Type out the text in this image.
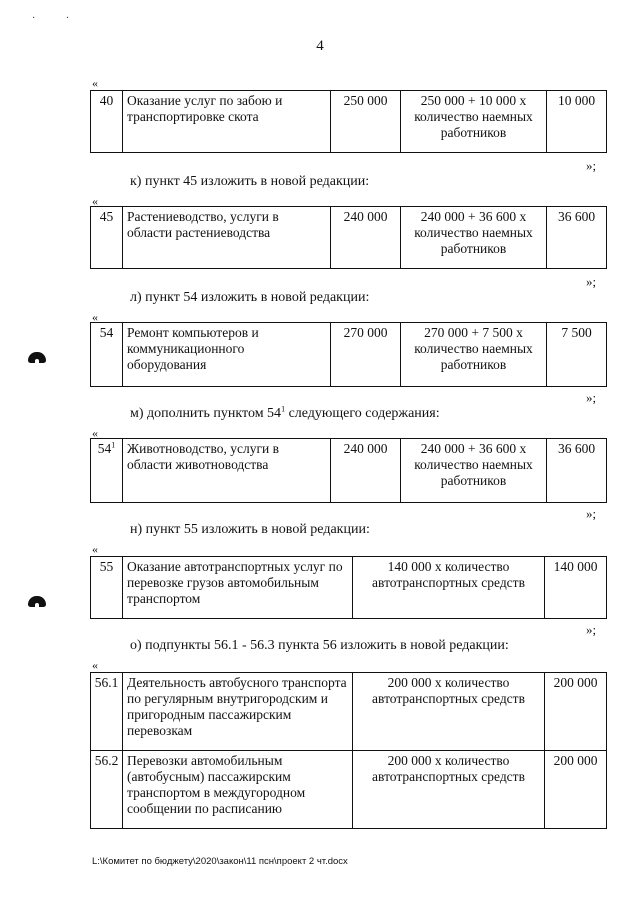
· ·
4
«
40	Оказание услуг по забою и транспортировке скота	250 000	250 000 + 10 000 х количество наемных работников	10 000
»;
к) пункт 45 изложить в новой редакции:
«
45	Растениеводство, услуги в области растениеводства	240 000	240 000 + 36 600 х количество наемных работников	36 600
»;
л) пункт 54 изложить в новой редакции:
«
54	Ремонт компьютеров и коммуникационного оборудования	270 000	270 000 + 7 500 х количество наемных работников	7 500
»;
м) дополнить пунктом $54^1$ следующего содержания:
«
$54^1$	Животноводство, услуги в области животноводства	240 000	240 000 + 36 600 х количество наемных работников	36 600
»;
н) пункт 55 изложить в новой редакции:
«
55	Оказание автотранспортных услуг по перевозке грузов автомобильным транспортом	140 000 х количество автотранспортных средств	140 000
»;
о) подпункты 56.1 - 56.3 пункта 56 изложить в новой редакции:
«
56.1	Деятельность автобусного транспорта по регулярным внутригородским и пригородным пассажирским перевозкам	200 000 х количество автотранспортных средств	200 000
56.2	Перевозки автомобильным (автобусным) пассажирским транспортом в междугородном сообщении по расписанию	200 000 х количество автотранспортных средств	200 000
L:\Комитет по бюджету\2020\закон\11 псн\проект 2 чт.docx
